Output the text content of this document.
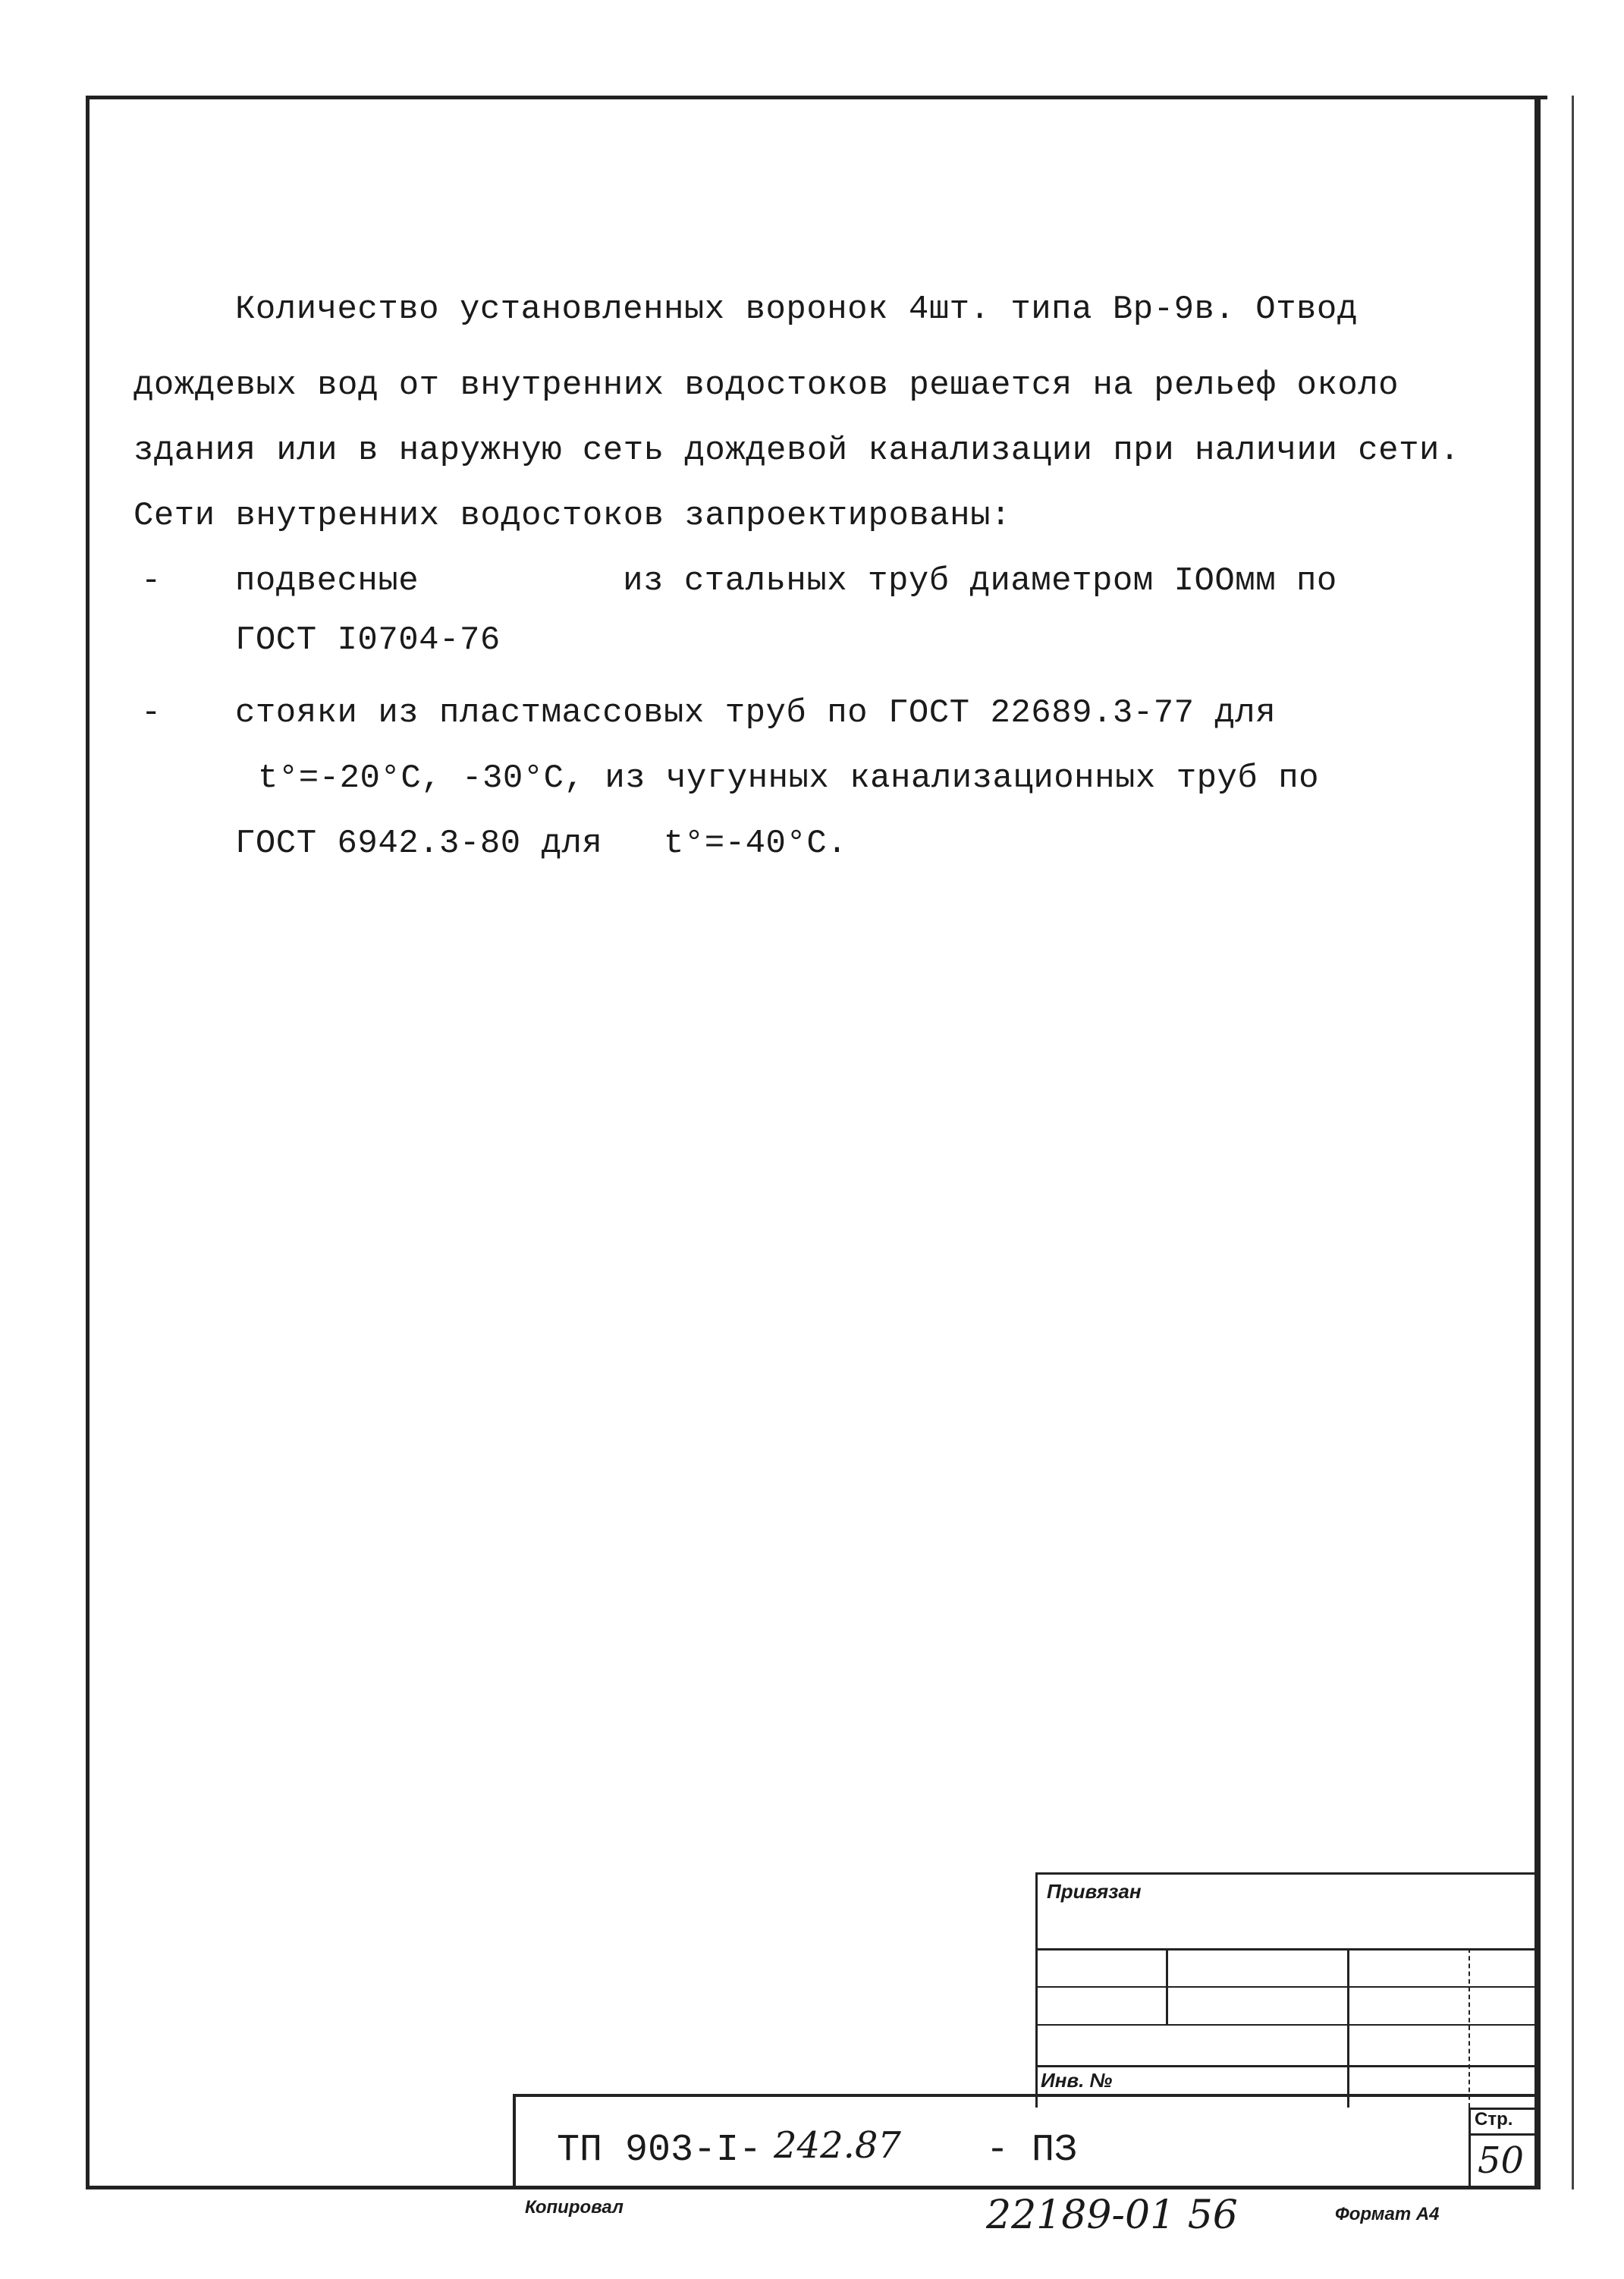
Количество установленных воронок 4шт. типа Вр-9в. Отвод
дождевых вод от внутренних водостоков решается на рельеф около
здания или в наружную сеть дождевой канализации при наличии сети.
Сети внутренних водостоков запроектированы:
- подвесные          из стальных труб диаметром IOOмм по
ГОСТ I0704-76
- стояки из пластмассовых труб по ГОСТ 22689.3-77 для
t°=-20°С, -30°С, из чугунных канализационных труб по
ГОСТ 6942.3-80 для   t°=-40°С.
Привязан
Инв. №
Стр.
50
ТП 903-I- 242.87 - ПЗ
Копировал	22189-01 56	Формат А4
